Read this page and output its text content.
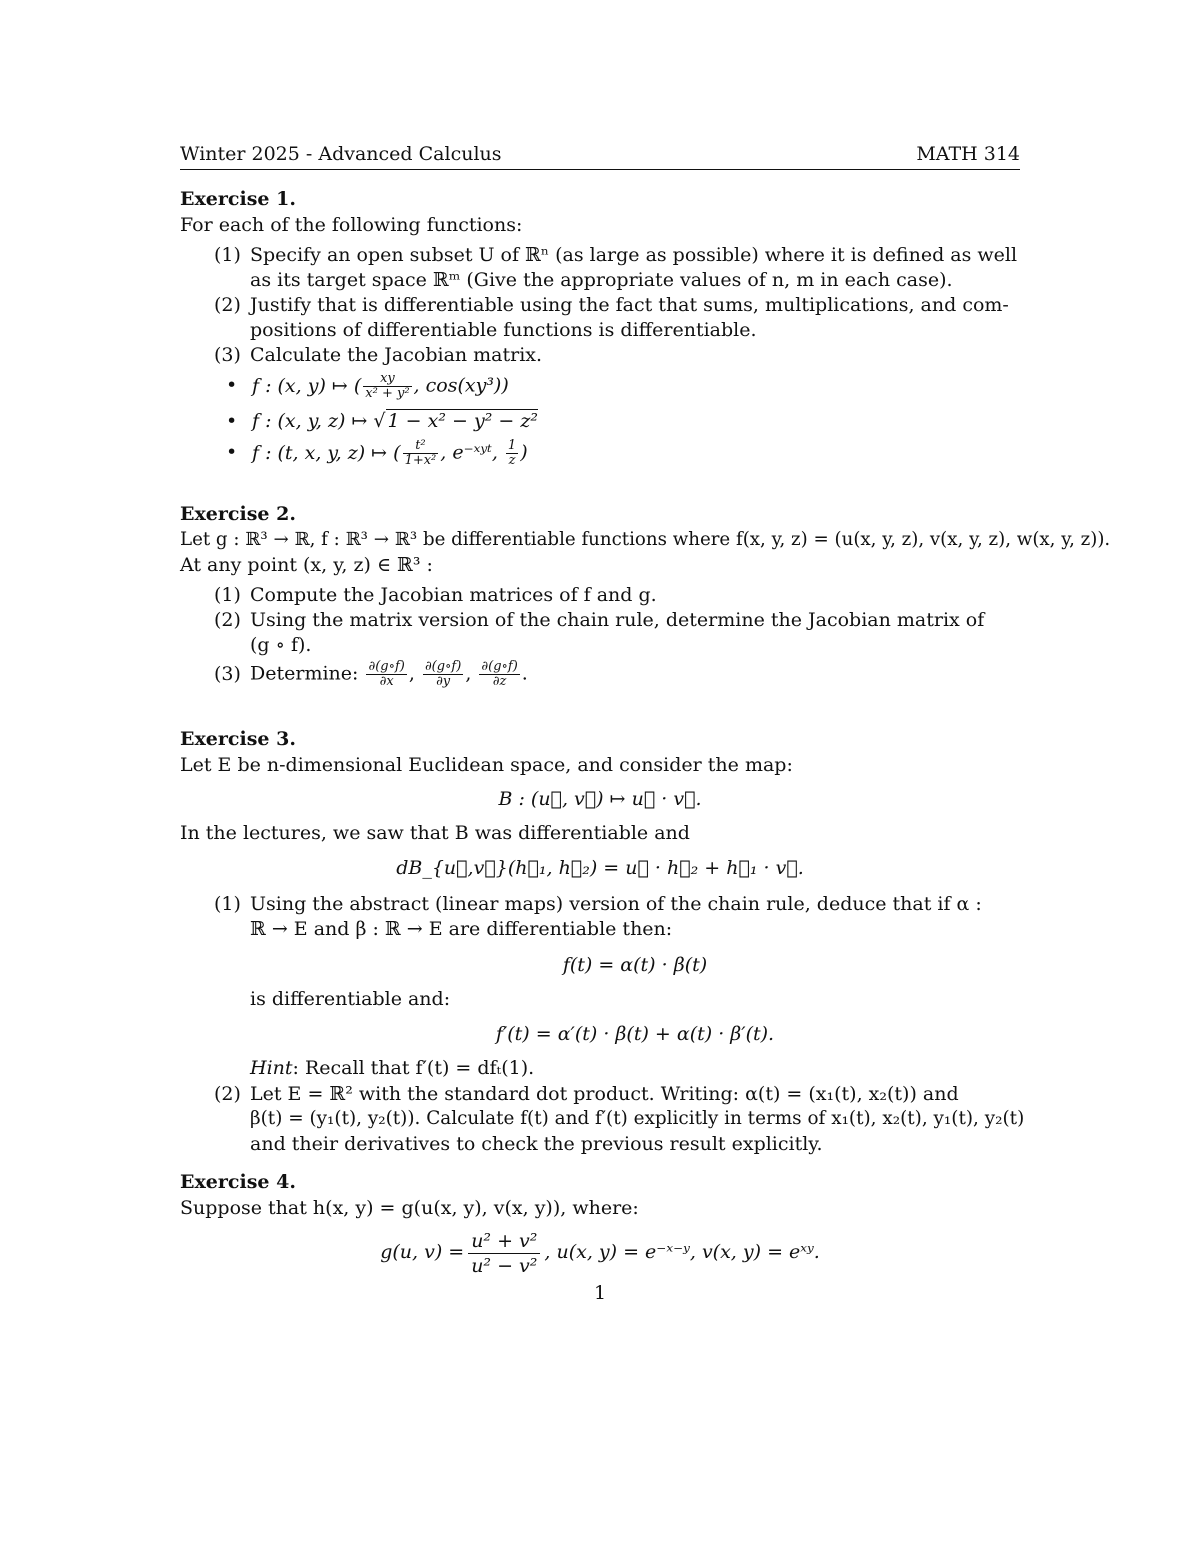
Winter 2025 - Advanced Calculus	MATH 314
Exercise 1.
For each of the following functions:
(1) Specify an open subset U of ℝⁿ (as large as possible) where it is defined as well
as its target space ℝᵐ (Give the appropriate values of n, m in each case).
(2) Justify that is differentiable using the fact that sums, multiplications, and com-
positions of differentiable functions is differentiable.
(3) Calculate the Jacobian matrix.
• f : (x, y) ↦ ( $\frac{xy}{\text{x² + y²}}$ , cos(xy³))
• f : (x, y, z) ↦ √ 1 − x² − y² − z²
• f : (t, x, y, z) ↦ ( $\frac{\text{t²}}{\text{1+x²}}$ , e⁻ˣʸᵗ, $\frac{1}{z}$ )
Exercise 2.
Let g : ℝ³ → ℝ, f : ℝ³ → ℝ³ be differentiable functions where f(x, y, z) = (u(x, y, z), v(x, y, z), w(x, y, z)).
At any point (x, y, z) ∈ ℝ³ :
(1) Compute the Jacobian matrices of f and g.
(2) Using the matrix version of the chain rule, determine the Jacobian matrix of
(g ∘ f).
(3) Determine: $\frac{\partial(g\circ f)}{\partial x}$ , $\frac{\partial(g\circ f)}{\partial y}$ , $\frac{\partial(g\circ f)}{\partial z}$ .
Exercise 3.
Let E be n-dimensional Euclidean space, and consider the map:
B : (u⃗, v⃗) ↦ u⃗ · v⃗.
In the lectures, we saw that B was differentiable and
dB_{u⃗,v⃗}(h⃗₁, h⃗₂) = u⃗ · h⃗₂ + h⃗₁ · v⃗.
(1) Using the abstract (linear maps) version of the chain rule, deduce that if α :
ℝ → E and β : ℝ → E are differentiable then:
f(t) = α(t) · β(t)
is differentiable and:
f′(t) = α′(t) · β(t) + α(t) · β′(t).
Hint: Recall that f′(t) = dfₜ(1).
(2) Let E = ℝ² with the standard dot product. Writing: α(t) = (x₁(t), x₂(t)) and
β(t) = (y₁(t), y₂(t)). Calculate f(t) and f′(t) explicitly in terms of x₁(t), x₂(t), y₁(t), y₂(t)
and their derivatives to check the previous result explicitly.
Exercise 4.
Suppose that h(x, y) = g(u(x, y), v(x, y)), where:
g(u, $v) = \frac{\text{u² + v²}}{\text{u² − v²}}$ , u(x, y) = e⁻ˣ⁻ʸ, v(x, y) = eˣʸ.
1
